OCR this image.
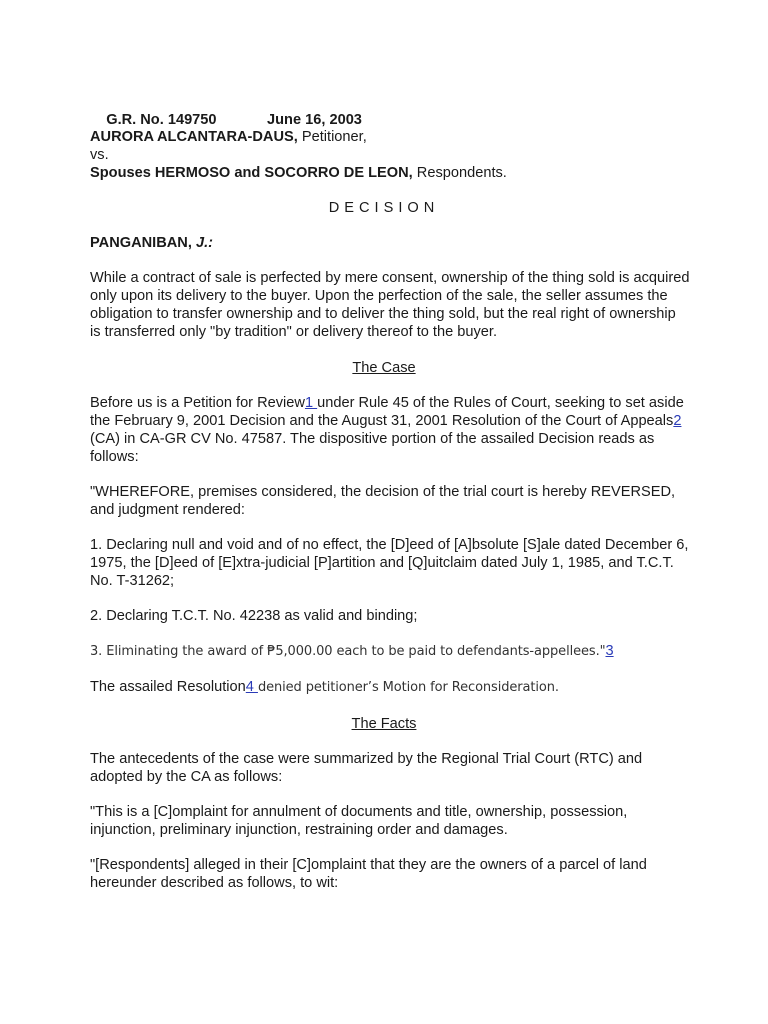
G.R. No. 149750	June 16, 2003

AURORA ALCANTARA-DAUS, Petitioner,
vs.
Spouses HERMOSO and SOCORRO DE LEON, Respondents.
DECISION
PANGANIBAN, J.:

While a contract of sale is perfected by mere consent, ownership of the thing sold is acquired only upon its delivery to the buyer. Upon the perfection of the sale, the seller assumes the obligation to transfer ownership and to deliver the thing sold, but the real right of ownership is transferred only "by tradition" or delivery thereof to the buyer.

The Case

Before us is a Petition for Review1 under Rule 45 of the Rules of Court, seeking to set aside the February 9, 2001 Decision and the August 31, 2001 Resolution of the Court of Appeals2 (CA) in CA-GR CV No. 47587. The dispositive portion of the assailed Decision reads as follows:

"WHEREFORE, premises considered, the decision of the trial court is hereby REVERSED, and judgment rendered:

1. Declaring null and void and of no effect, the [D]eed of [A]bsolute [S]ale dated December 6, 1975, the [D]eed of [E]xtra-judicial [P]artition and [Q]uitclaim dated July 1, 1985, and T.C.T. No. T-31262;

2. Declaring T.C.T. No. 42238 as valid and binding;

3. Eliminating the award of ₱5,000.00 each to be paid to defendants-appellees."3

The assailed Resolution4 denied petitioner’s Motion for Reconsideration.

The Facts

The antecedents of the case were summarized by the Regional Trial Court (RTC) and adopted by the CA as follows:

"This is a [C]omplaint for annulment of documents and title, ownership, possession, injunction, preliminary injunction, restraining order and damages.

"[Respondents] alleged in their [C]omplaint that they are the owners of a parcel of land hereunder described as follows, to wit:
